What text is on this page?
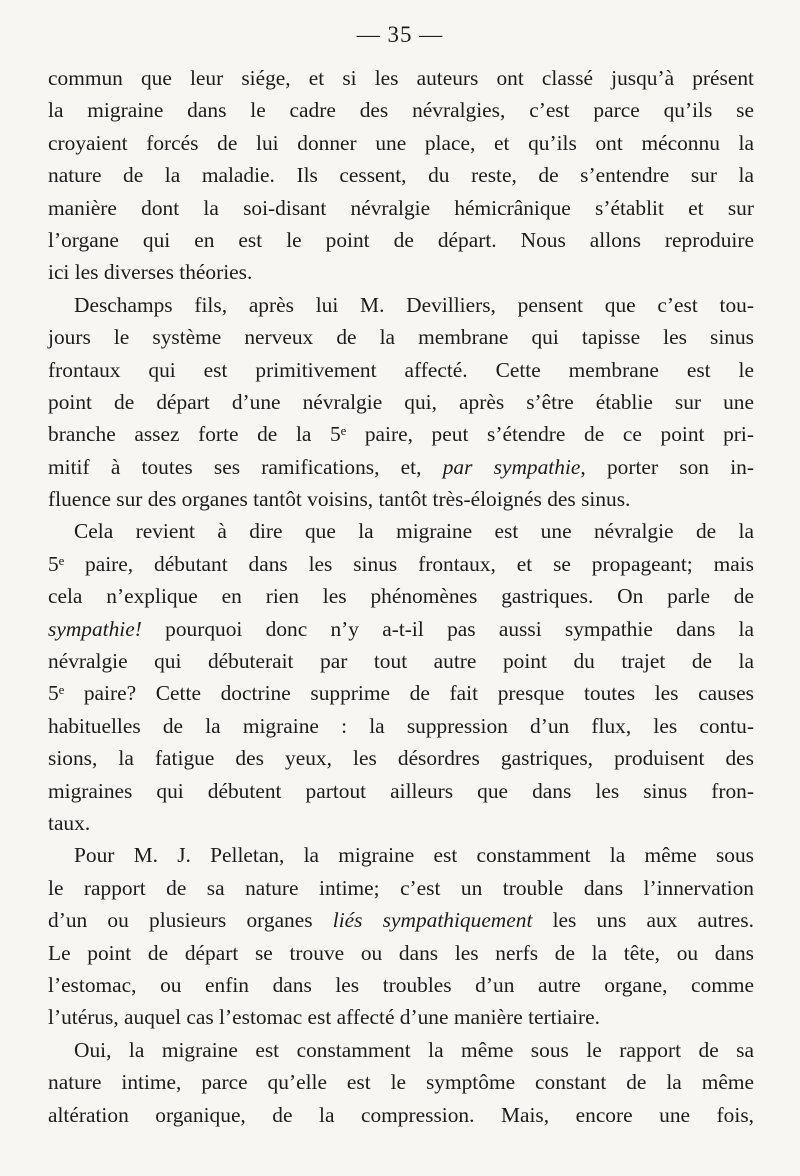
— 35 —
commun que leur siége, et si les auteurs ont classé jusqu’à présent
la migraine dans le cadre des névralgies, c’est parce qu’ils se
croyaient forcés de lui donner une place, et qu’ils ont méconnu la
nature de la maladie. Ils cessent, du reste, de s’entendre sur la
manière dont la soi-disant névralgie hémicrânique s’établit et sur
l’organe qui en est le point de départ. Nous allons reproduire
ici les diverses théories.
Deschamps fils, après lui M. Devilliers, pensent que c’est tou-
jours le système nerveux de la membrane qui tapisse les sinus
frontaux qui est primitivement affecté. Cette membrane est le
point de départ d’une névralgie qui, après s’être établie sur une
branche assez forte de la 5ᵉ paire, peut s’étendre de ce point pri-
mitif à toutes ses ramifications, et, par sympathie, porter son in-
fluence sur des organes tantôt voisins, tantôt très-éloignés des sinus.
Cela revient à dire que la migraine est une névralgie de la
5ᵉ paire, débutant dans les sinus frontaux, et se propageant; mais
cela n’explique en rien les phénomènes gastriques. On parle de
sympathie! pourquoi donc n’y a-t-il pas aussi sympathie dans la
névralgie qui débuterait par tout autre point du trajet de la
5ᵉ paire? Cette doctrine supprime de fait presque toutes les causes
habituelles de la migraine : la suppression d’un flux, les contu-
sions, la fatigue des yeux, les désordres gastriques, produisent des
migraines qui débutent partout ailleurs que dans les sinus fron-
taux.
Pour M. J. Pelletan, la migraine est constamment la même sous
le rapport de sa nature intime; c’est un trouble dans l’innervation
d’un ou plusieurs organes liés sympathiquement les uns aux autres.
Le point de départ se trouve ou dans les nerfs de la tête, ou dans
l’estomac, ou enfin dans les troubles d’un autre organe, comme
l’utérus, auquel cas l’estomac est affecté d’une manière tertiaire.
Oui, la migraine est constamment la même sous le rapport de sa
nature intime, parce qu’elle est le symptôme constant de la même
altération organique, de la compression. Mais, encore une fois,
